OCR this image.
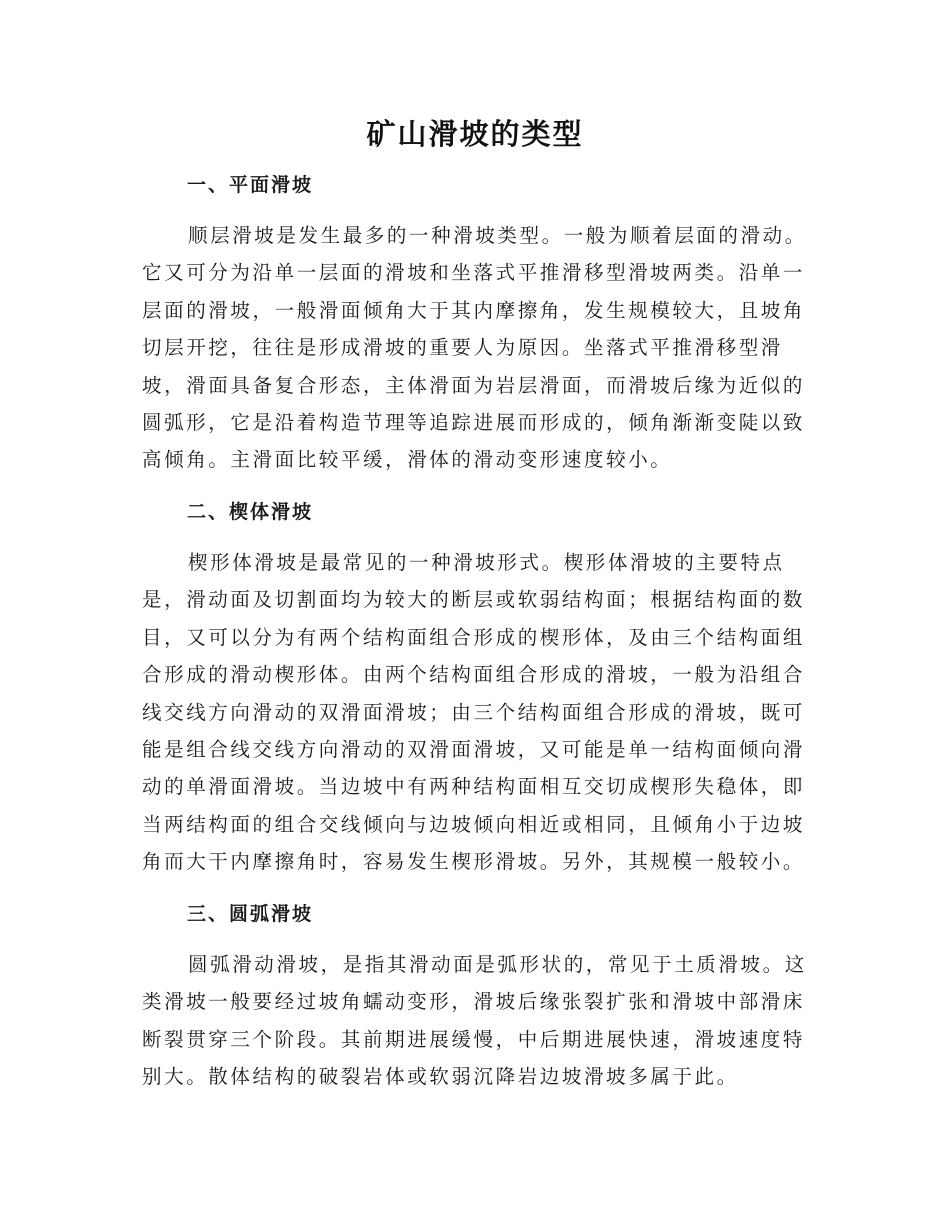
矿山滑坡的类型
一、平面滑坡
顺层滑坡是发生最多的一种滑坡类型。一般为顺着层面的滑动。
它又可分为沿单一层面的滑坡和坐落式平推滑移型滑坡两类。沿单一
层面的滑坡，一般滑面倾角大于其内摩擦角，发生规模较大，且坡角
切层开挖，往往是形成滑坡的重要人为原因。坐落式平推滑移型滑
坡，滑面具备复合形态，主体滑面为岩层滑面，而滑坡后缘为近似的
圆弧形，它是沿着构造节理等追踪进展而形成的，倾角渐渐变陡以致
高倾角。主滑面比较平缓，滑体的滑动变形速度较小。
二、楔体滑坡
楔形体滑坡是最常见的一种滑坡形式。楔形体滑坡的主要特点
是，滑动面及切割面均为较大的断层或软弱结构面；根据结构面的数
目，又可以分为有两个结构面组合形成的楔形体，及由三个结构面组
合形成的滑动楔形体。由两个结构面组合形成的滑坡，一般为沿组合
线交线方向滑动的双滑面滑坡；由三个结构面组合形成的滑坡，既可
能是组合线交线方向滑动的双滑面滑坡，又可能是单一结构面倾向滑
动的单滑面滑坡。当边坡中有两种结构面相互交切成楔形失稳体，即
当两结构面的组合交线倾向与边坡倾向相近或相同，且倾角小于边坡
角而大干内摩擦角时，容易发生楔形滑坡。另外，其规模一般较小。
三、圆弧滑坡
圆弧滑动滑坡，是指其滑动面是弧形状的，常见于土质滑坡。这
类滑坡一般要经过坡角蠕动变形，滑坡后缘张裂扩张和滑坡中部滑床
断裂贯穿三个阶段。其前期进展缓慢，中后期进展快速，滑坡速度特
别大。散体结构的破裂岩体或软弱沉降岩边坡滑坡多属于此。
